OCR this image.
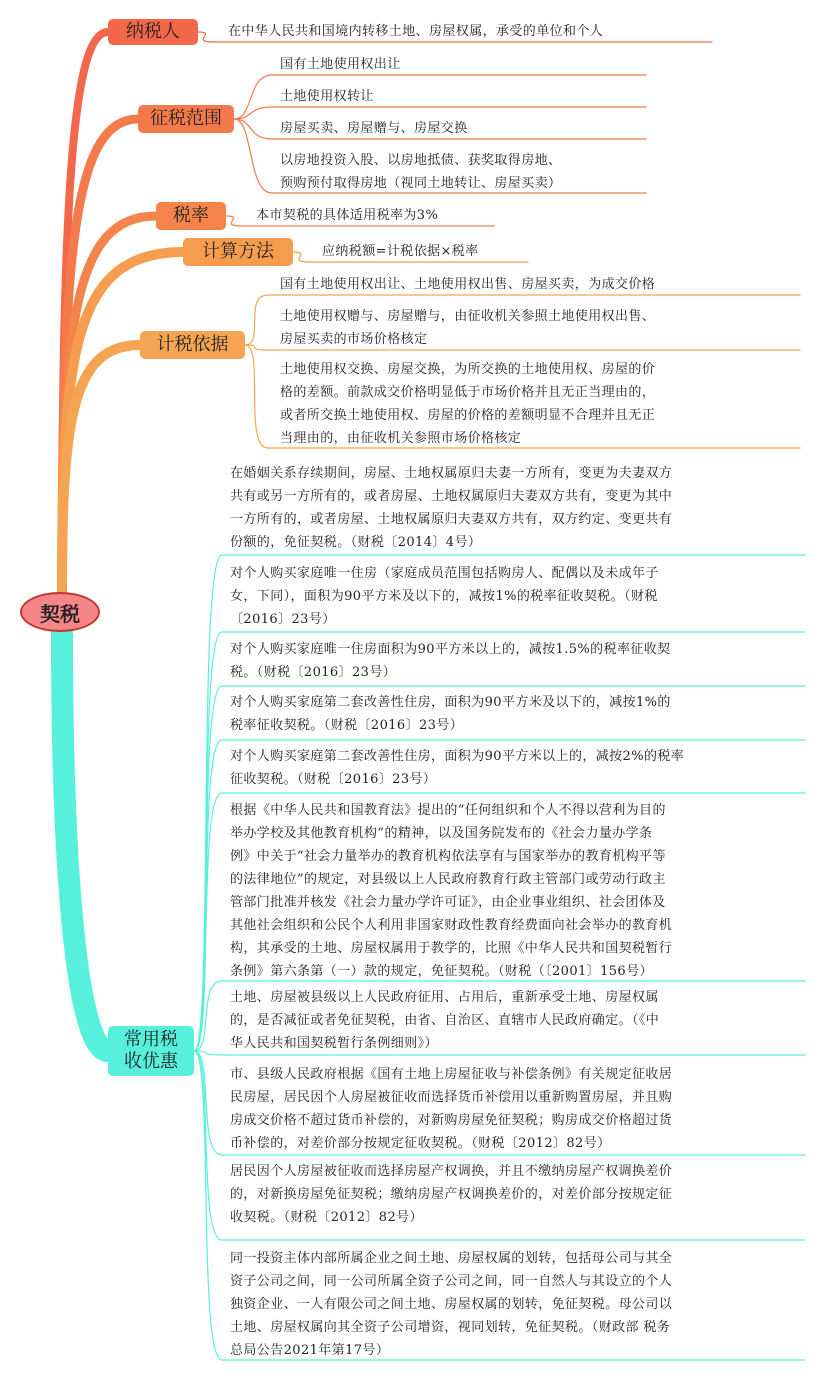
契税
纳税人
征税范围
税率
计算方法
计税依据
常用税
收优惠
在中华人民共和国境内转移土地、房屋权属，承受的单位和个人
国有土地使用权出让
土地使用权转让
房屋买卖、房屋赠与、房屋交换
以房地投资入股、以房地抵债、获奖取得房地、
预购预付取得房地（视同土地转让、房屋买卖）
本市契税的具体适用税率为3%
应纳税额=计税依据×税率
国有土地使用权出让、土地使用权出售、房屋买卖，为成交价格
土地使用权赠与、房屋赠与，由征收机关参照土地使用权出售、
房屋买卖的市场价格核定
土地使用权交换、房屋交换，为所交换的土地使用权、房屋的价
格的差额。前款成交价格明显低于市场价格并且无正当理由的，
或者所交换土地使用权、房屋的价格的差额明显不合理并且无正
当理由的，由征收机关参照市场价格核定
在婚姻关系存续期间，房屋、土地权属原归夫妻一方所有，变更为夫妻双方
共有或另一方所有的，或者房屋、土地权属原归夫妻双方共有，变更为其中
一方所有的，或者房屋、土地权属原归夫妻双方共有，双方约定、变更共有
份额的，免征契税。（财税〔2014〕4号）
对个人购买家庭唯一住房（家庭成员范围包括购房人、配偶以及未成年子
女，下同），面积为90平方米及以下的，减按1%的税率征收契税。（财税
〔2016〕23号）
对个人购买家庭唯一住房面积为90平方米以上的，减按1.5%的税率征收契
税。（财税〔2016〕23号）
对个人购买家庭第二套改善性住房，面积为90平方米及以下的，减按1%的
税率征收契税。（财税〔2016〕23号）
对个人购买家庭第二套改善性住房，面积为90平方米以上的，减按2%的税率
征收契税。（财税〔2016〕23号）
根据《中华人民共和国教育法》提出的“任何组织和个人不得以营利为目的
举办学校及其他教育机构”的精神，以及国务院发布的《社会力量办学条
例》中关于“社会力量举办的教育机构依法享有与国家举办的教育机构平等
的法律地位”的规定，对县级以上人民政府教育行政主管部门或劳动行政主
管部门批准并核发《社会力量办学许可证》，由企业事业组织、社会团体及
其他社会组织和公民个人利用非国家财政性教育经费面向社会举办的教育机
构，其承受的土地、房屋权属用于教学的，比照《中华人民共和国契税暂行
条例》第六条第（一）款的规定，免征契税。（财税（〔2001〕156号）
土地、房屋被县级以上人民政府征用、占用后，重新承受土地、房屋权属
的，是否减征或者免征契税，由省、自治区、直辖市人民政府确定。（《中
华人民共和国契税暂行条例细则》）
市、县级人民政府根据《国有土地上房屋征收与补偿条例》有关规定征收居
民房屋，居民因个人房屋被征收而选择货币补偿用以重新购置房屋，并且购
房成交价格不超过货币补偿的，对新购房屋免征契税；购房成交价格超过货
币补偿的，对差价部分按规定征收契税。（财税〔2012〕82号）
居民因个人房屋被征收而选择房屋产权调换，并且不缴纳房屋产权调换差价
的，对新换房屋免征契税；缴纳房屋产权调换差价的，对差价部分按规定征
收契税。（财税〔2012〕82号）
同一投资主体内部所属企业之间土地、房屋权属的划转，包括母公司与其全
资子公司之间，同一公司所属全资子公司之间，同一自然人与其设立的个人
独资企业、一人有限公司之间土地、房屋权属的划转，免征契税。母公司以
土地、房屋权属向其全资子公司增资，视同划转，免征契税。（财政部 税务
总局公告2021年第17号）
